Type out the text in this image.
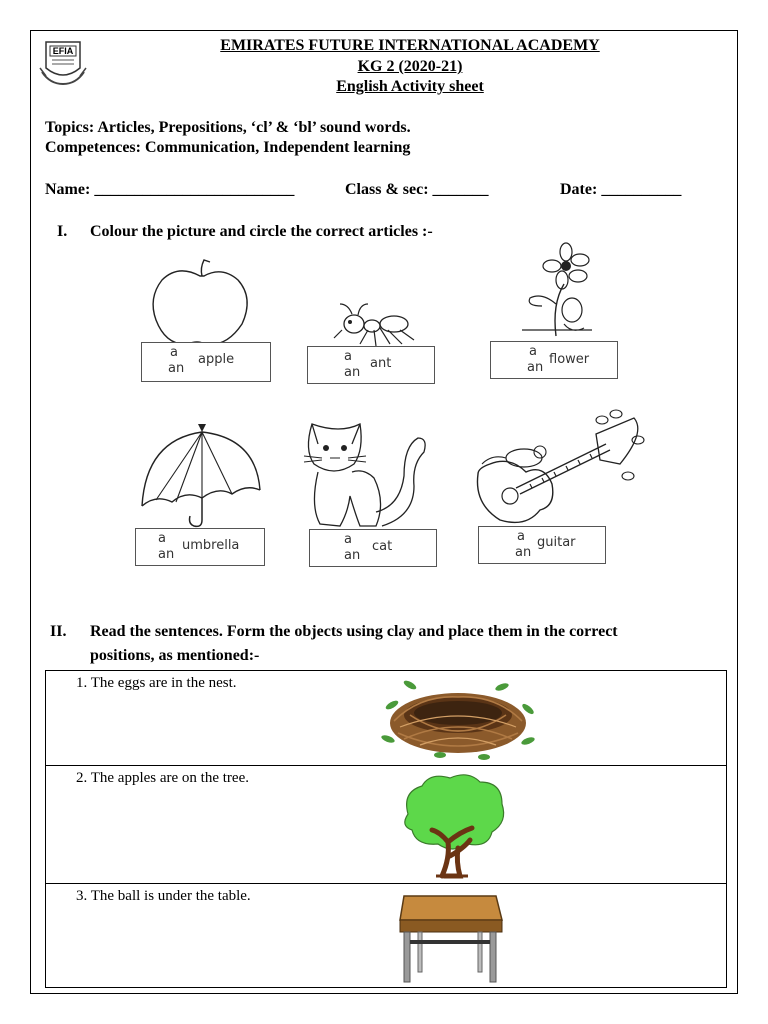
EFIA	EMIRATES FUTURE INTERNATIONAL ACADEMY
KG 2 (2020-21)
English Activity sheet
Topics: Articles, Prepositions, ‘cl’ & ‘bl’ sound words.
Competences: Communication, Independent learning
Name: _________________________	Class & sec: _______	Date: __________
I. Colour the picture and circle the correct articles :-
a
an
apple	a
an
ant
a
an
flower
a
an
umbrella	a
an
cat
a
an
guitar
II. Read the sentences. Form the objects using clay and place them in the correct
positions, as mentioned:-
1. The eggs are in the nest.
2. The apples are on the tree.
3. The ball is under the table.
